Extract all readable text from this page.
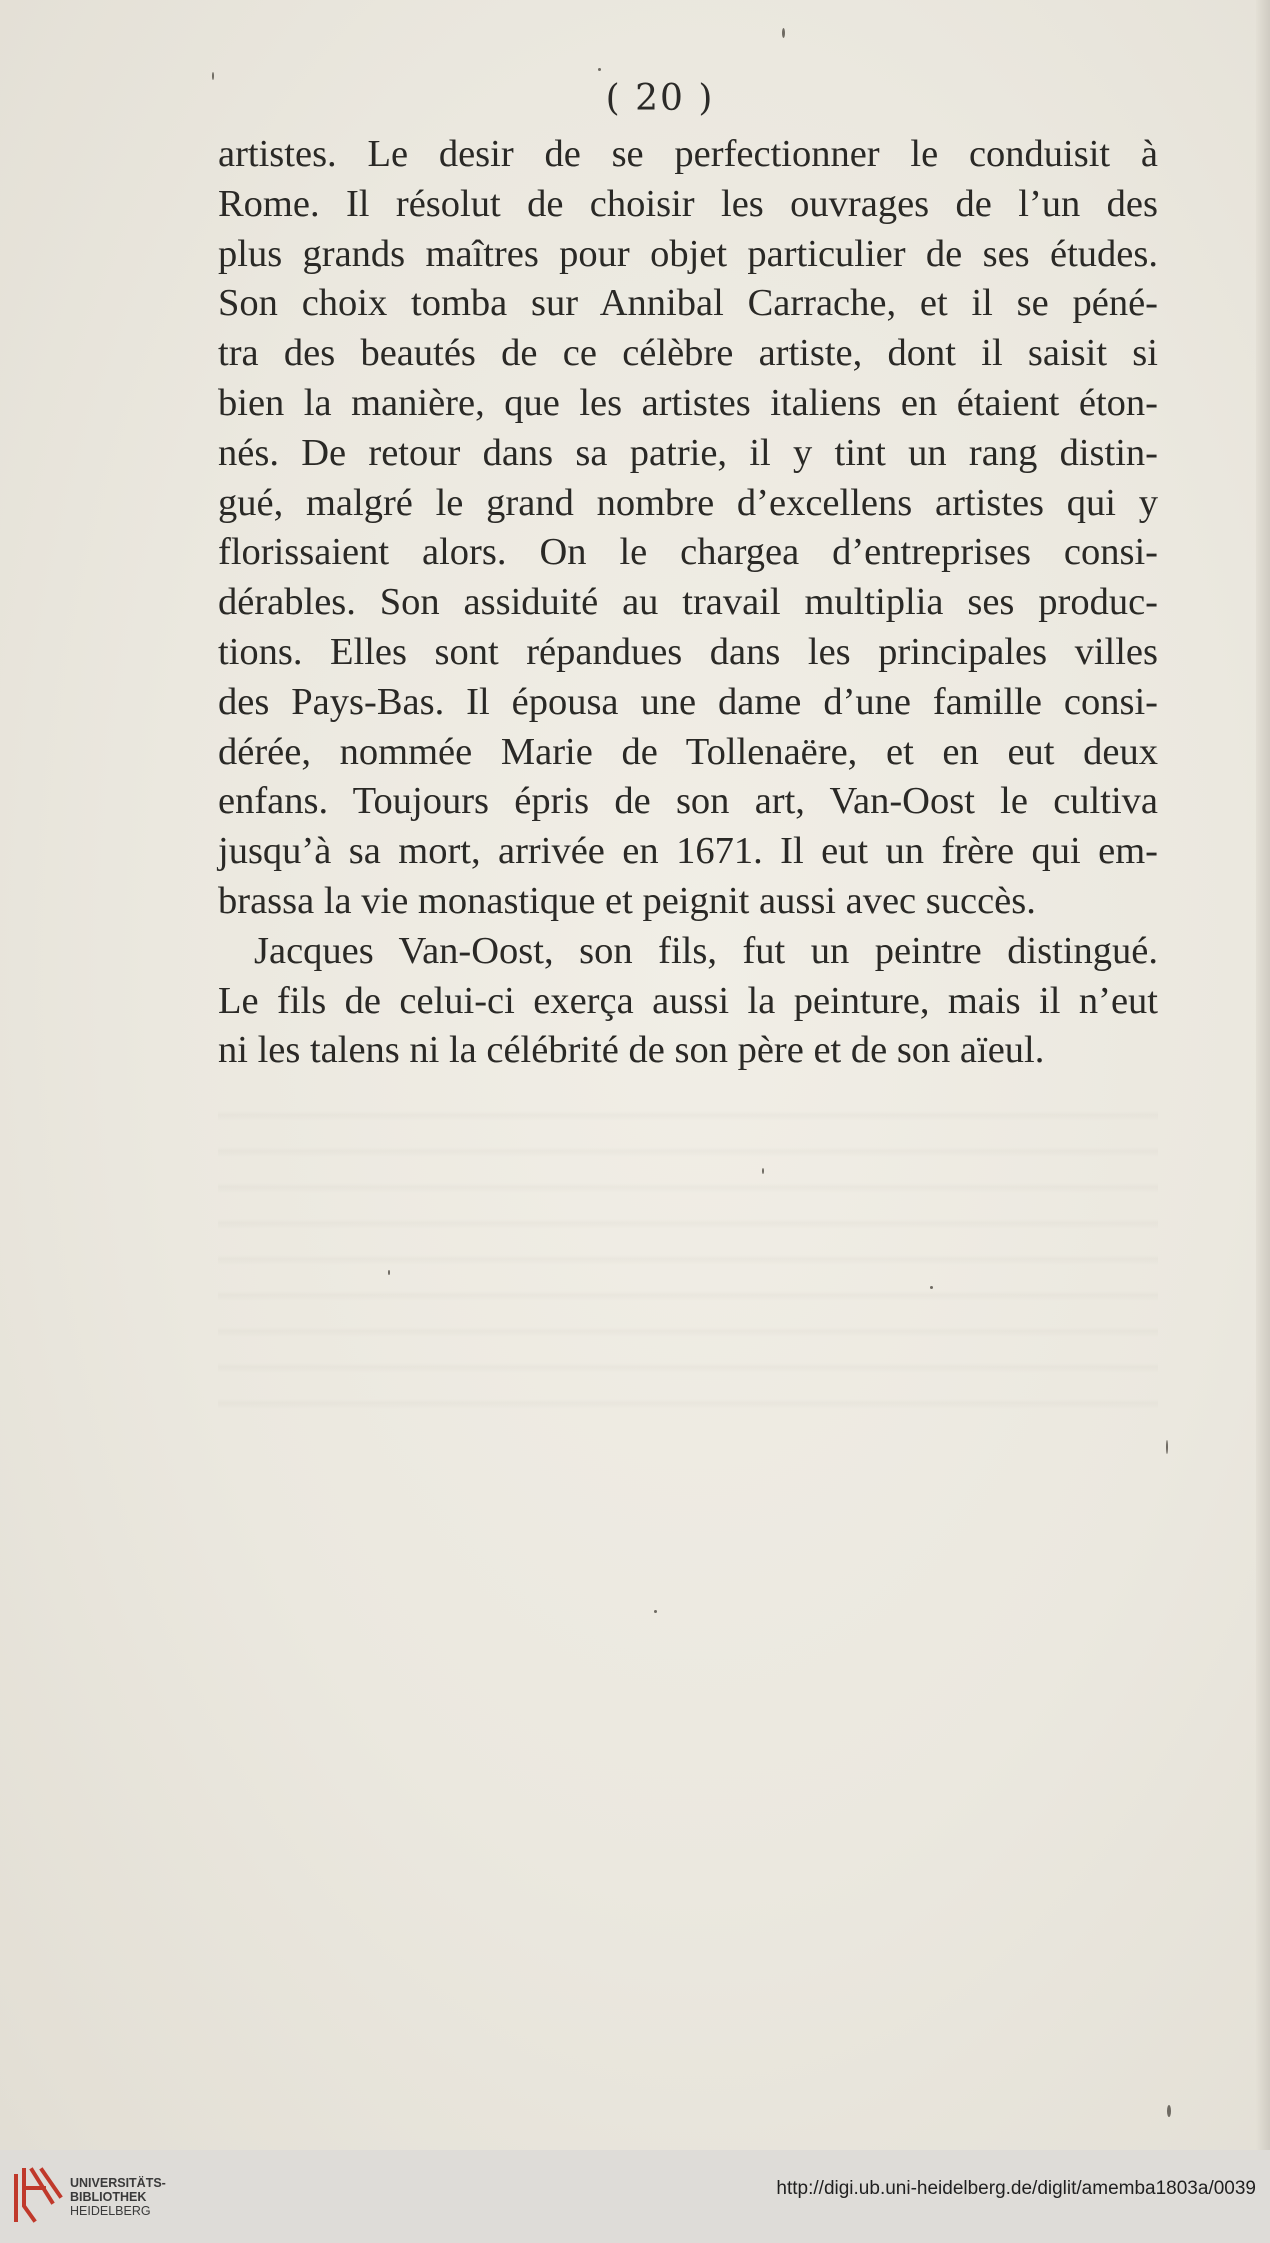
( 20 )
artistes. Le desir de se perfectionner le conduisit à
Rome. Il résolut de choisir les ouvrages de l’un des
plus grands maîtres pour objet particulier de ses études.
Son choix tomba sur Annibal Carrache, et il se péné-
tra des beautés de ce célèbre artiste, dont il saisit si
bien la manière, que les artistes italiens en étaient éton-
nés. De retour dans sa patrie, il y tint un rang distin-
gué, malgré le grand nombre d’excellens artistes qui y
florissaient alors. On le chargea d’entreprises consi-
dérables. Son assiduité au travail multiplia ses produc-
tions. Elles sont répandues dans les principales villes
des Pays-Bas. Il épousa une dame d’une famille consi-
dérée, nommée Marie de Tollenaëre, et en eut deux
enfans. Toujours épris de son art, Van-Oost le cultiva
jusqu’à sa mort, arrivée en 1671. Il eut un frère qui em-
brassa la vie monastique et peignit aussi avec succès.
Jacques Van-Oost, son fils, fut un peintre distingué.
Le fils de celui-ci exerça aussi la peinture, mais il n’eut
ni les talens ni la célébrité de son père et de son aïeul.
UNIVERSITÄTS-
BIBLIOTHEK
HEIDELBERG
http://digi.ub.uni-heidelberg.de/diglit/amemba1803a/0039
